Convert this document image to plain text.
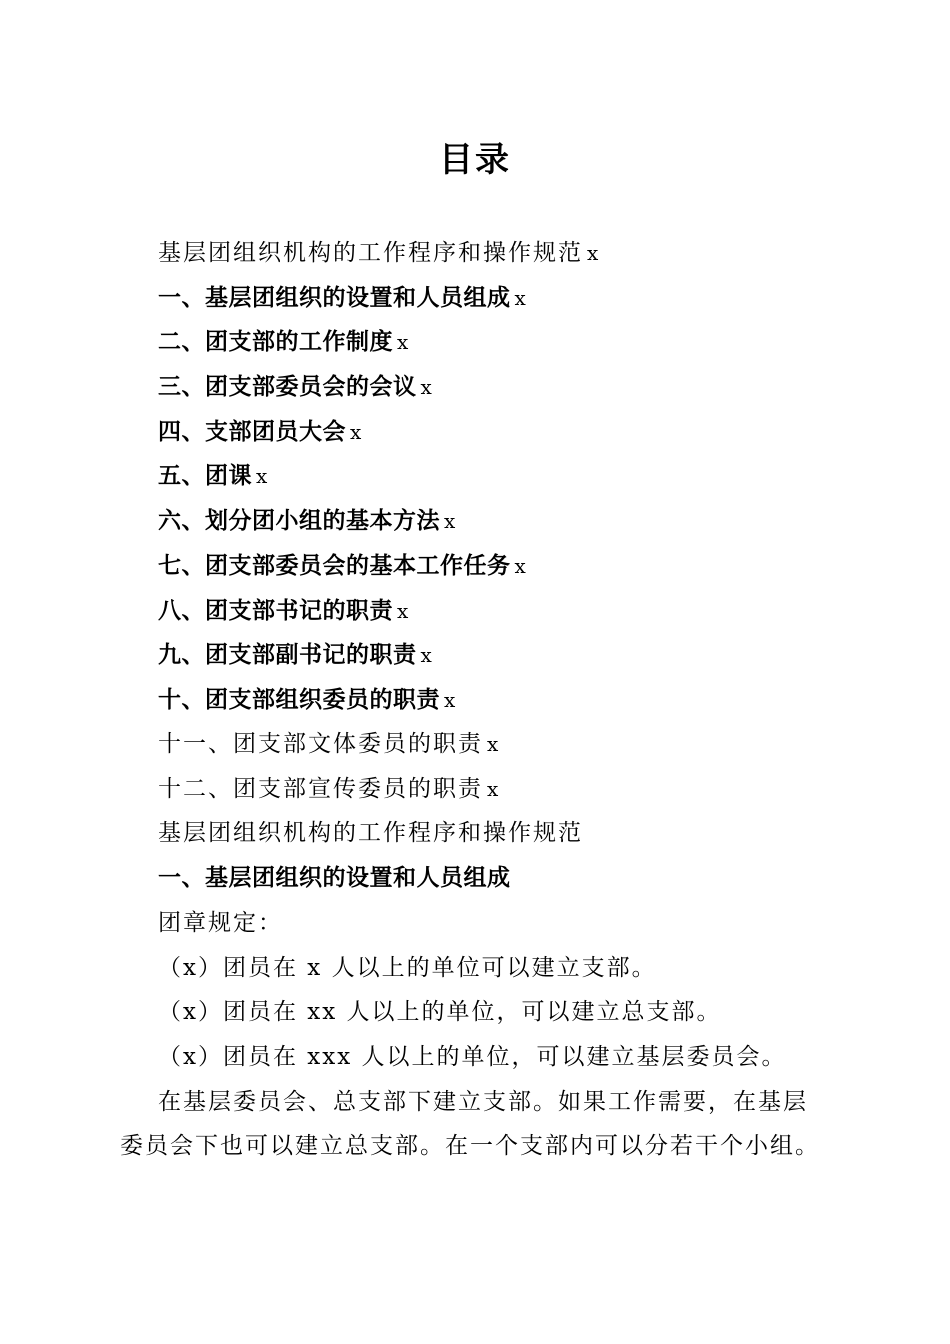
目录
基层团组织机构的工作程序和操作规范 x
一、基层团组织的设置和人员组成 x
二、团支部的工作制度 x
三、团支部委员会的会议 x
四、支部团员大会 x
五、团课 x
六、划分团小组的基本方法 x
七、团支部委员会的基本工作任务 x
八、团支部书记的职责 x
九、团支部副书记的职责 x
十、团支部组织委员的职责 x
十一、团支部文体委员的职责 x
十二、团支部宣传委员的职责 x
基层团组织机构的工作程序和操作规范
一、基层团组织的设置和人员组成
团章规定：
（x）团员在 x 人以上的单位可以建立支部。
（x）团员在 xx 人以上的单位，可以建立总支部。
（x）团员在 xxx 人以上的单位，可以建立基层委员会。
在基层委员会、总支部下建立支部。如果工作需要，在基层
委员会下也可以建立总支部。在一个支部内可以分若干个小组。
